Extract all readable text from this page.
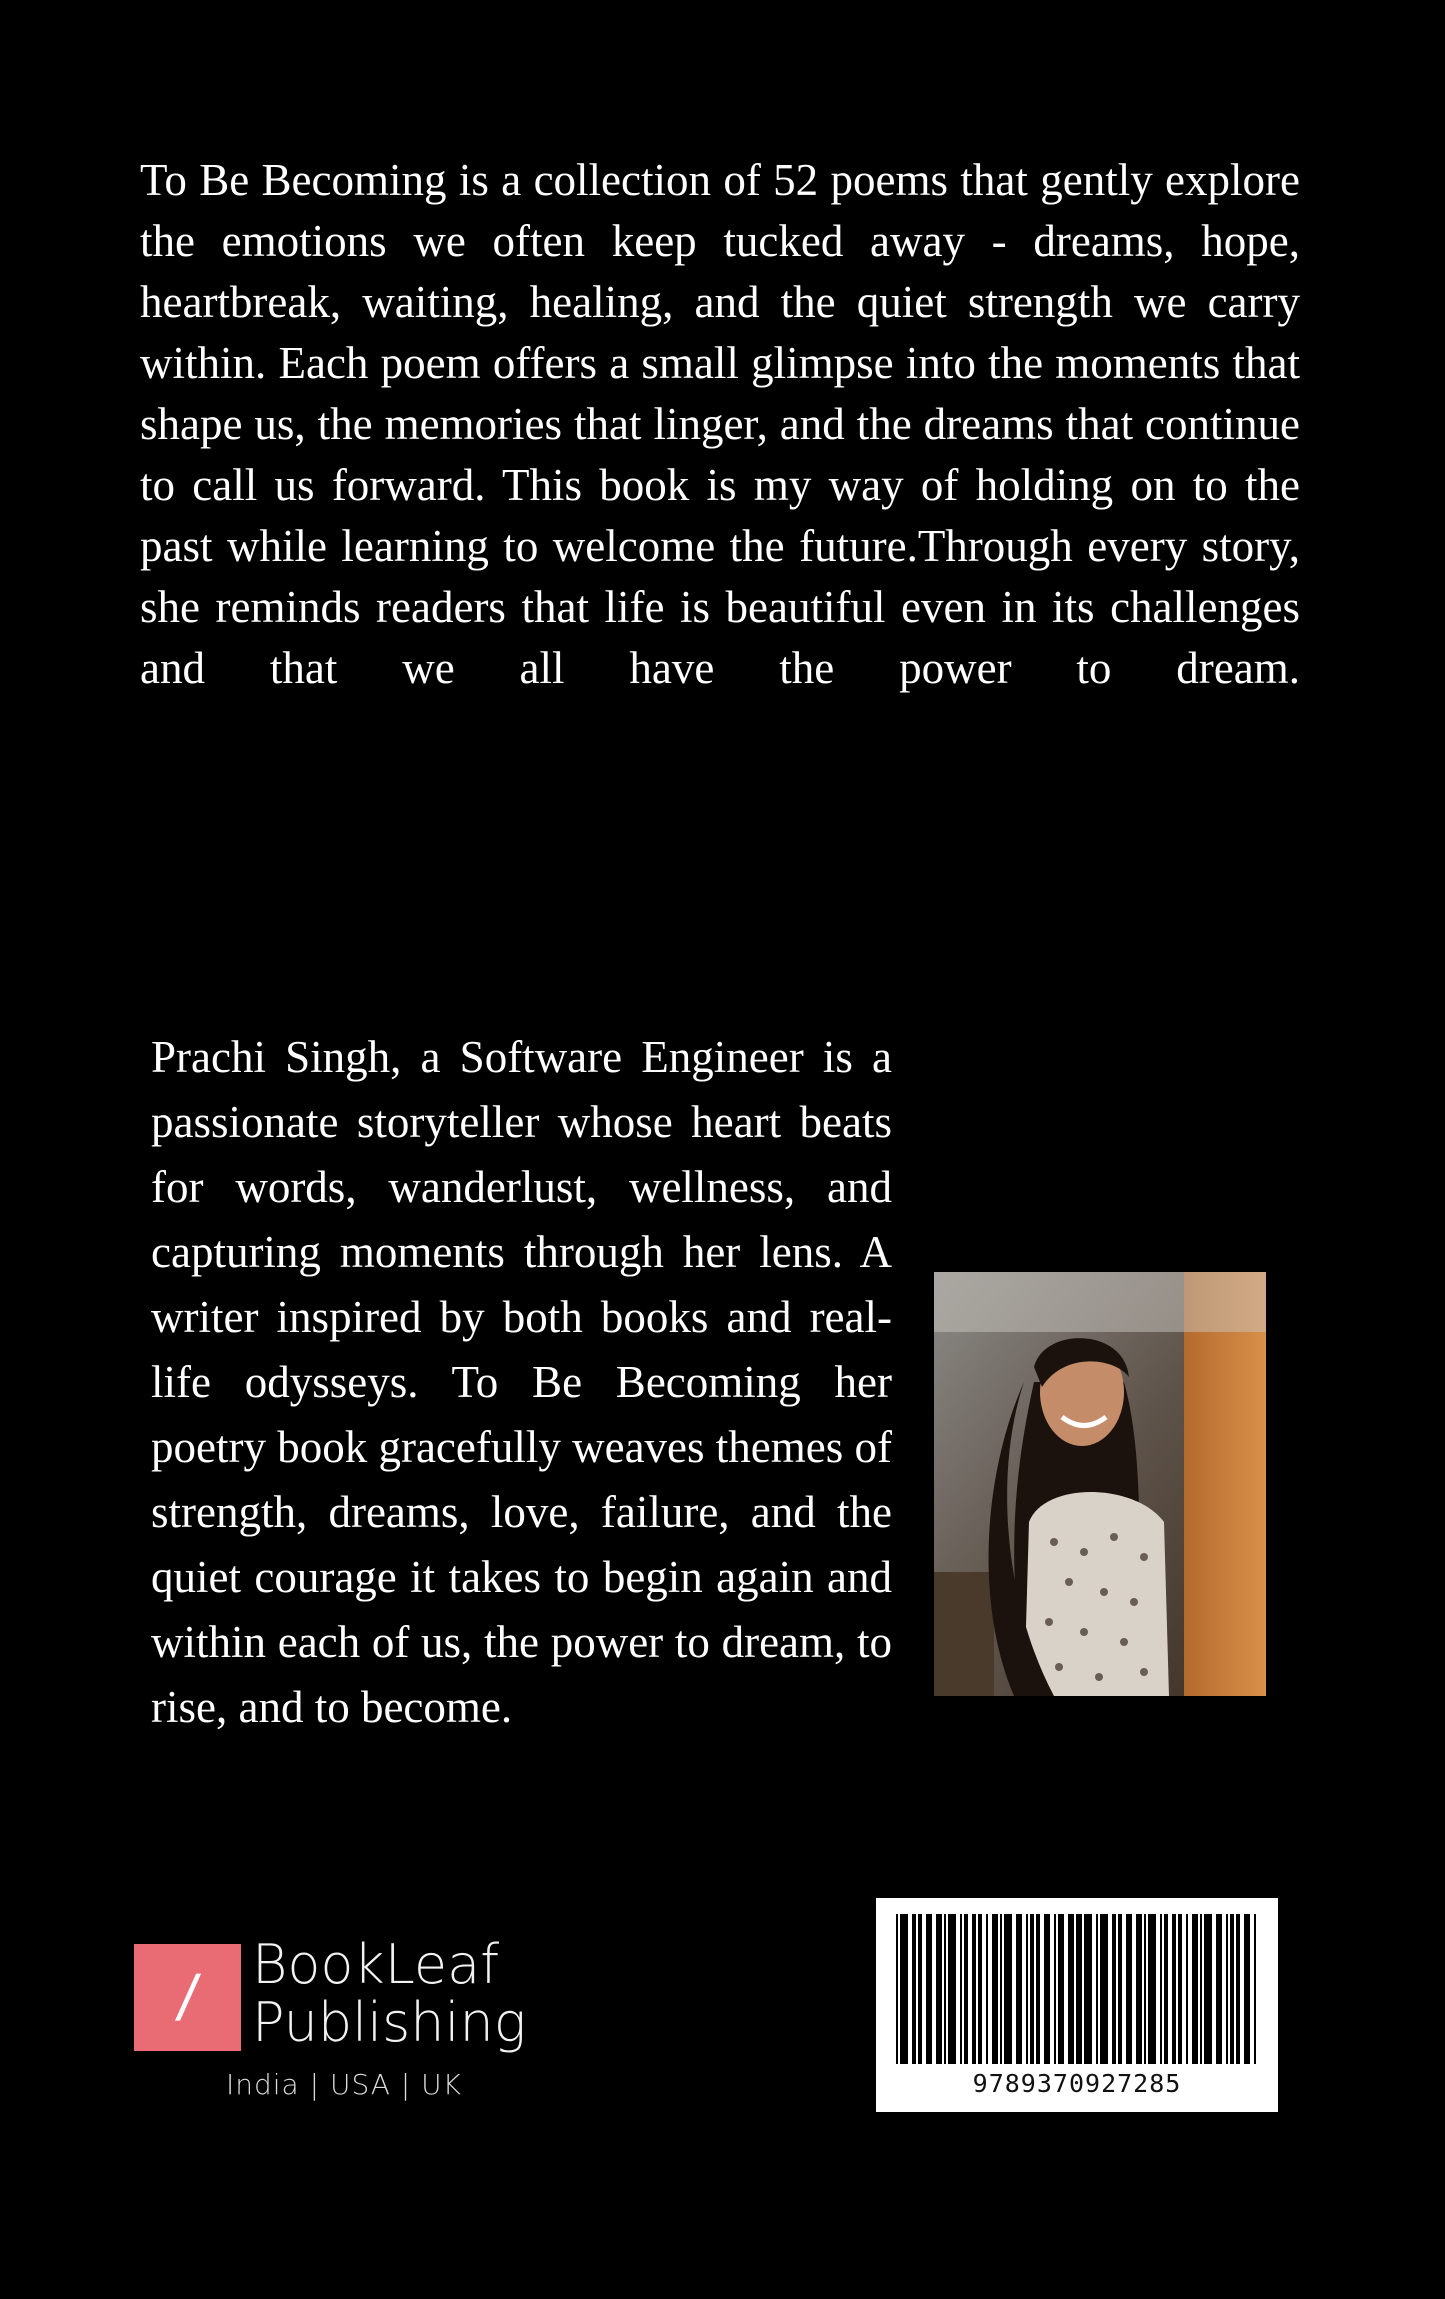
To Be Becoming is a collection of 52 poems that gently explore the emotions we often keep tucked away - dreams, hope, heartbreak, waiting, healing, and the quiet strength we carry within. Each poem offers a small glimpse into the moments that shape us, the memories that linger, and the dreams that continue to call us forward. This book is my way of holding on to the past while learning to welcome the future.Through every story, she reminds readers that life is beautiful even in its challenges and that we all have the power to dream.

Prachi Singh, a Software Engineer is a passionate storyteller whose heart beats for words, wanderlust, wellness, and capturing moments through her lens. A writer inspired by both books and real-life odysseys. To Be Becoming her poetry book gracefully weaves themes of strength, dreams, love, failure, and the quiet courage it takes to begin again and within each of us, the power to dream, to rise, and to become.

/ BookLeaf
Publishing
India | USA | UK	9789370927285
